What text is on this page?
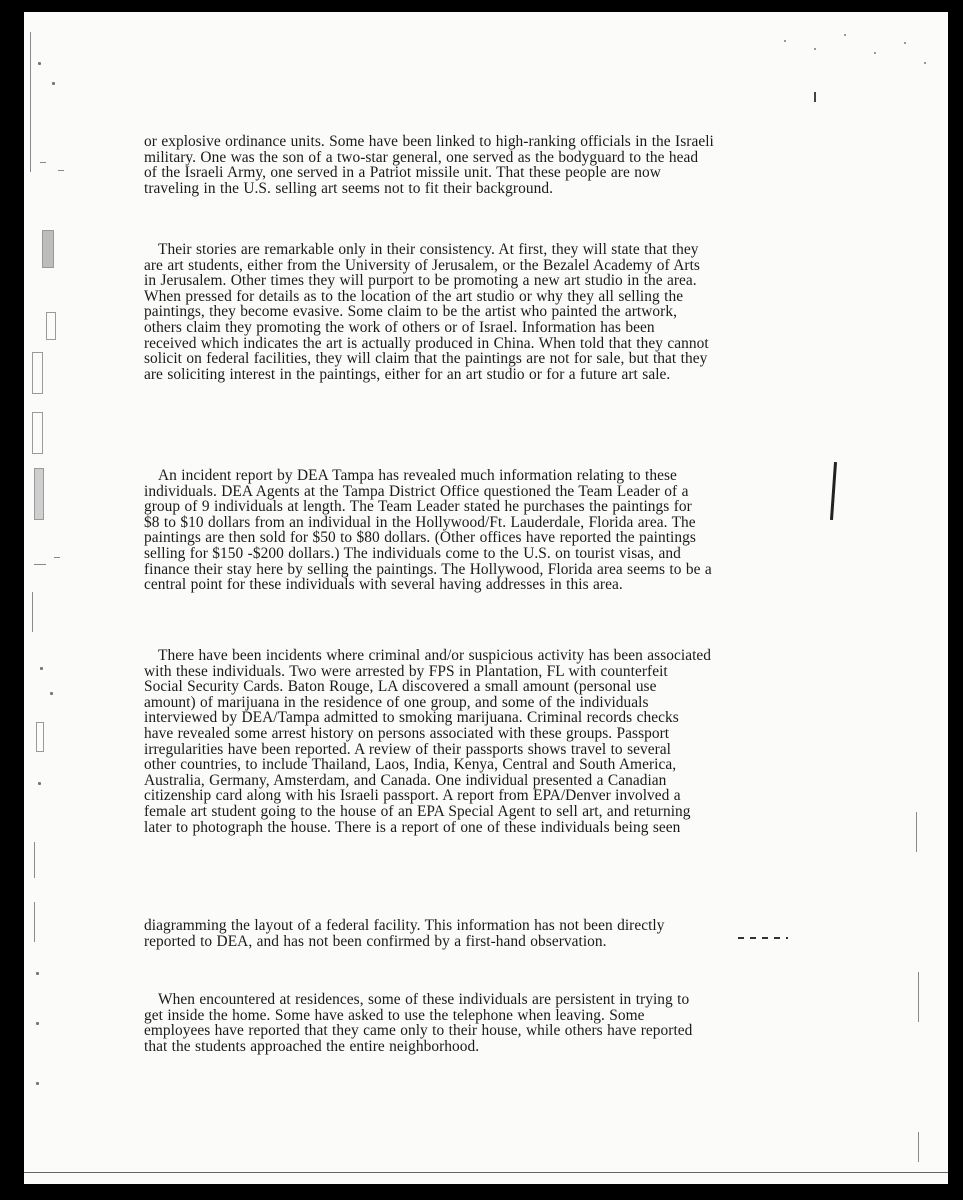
or explosive ordinance units. Some have been linked to high-ranking officials in the Israeli
military. One was the son of a two-star general, one served as the bodyguard to the head
of the Israeli Army, one served in a Patriot missile unit. That these people are now
traveling in the U.S. selling art seems not to fit their background.
Their stories are remarkable only in their consistency. At first, they will state that they
are art students, either from the University of Jerusalem, or the Bezalel Academy of Arts
in Jerusalem. Other times they will purport to be promoting a new art studio in the area.
When pressed for details as to the location of the art studio or why they all selling the
paintings, they become evasive. Some claim to be the artist who painted the artwork,
others claim they promoting the work of others or of Israel. Information has been
received which indicates the art is actually produced in China. When told that they cannot
solicit on federal facilities, they will claim that the paintings are not for sale, but that they
are soliciting interest in the paintings, either for an art studio or for a future art sale.
An incident report by DEA Tampa has revealed much information relating to these
individuals. DEA Agents at the Tampa District Office questioned the Team Leader of a
group of 9 individuals at length. The Team Leader stated he purchases the paintings for
$8 to $10 dollars from an individual in the Hollywood/Ft. Lauderdale, Florida area. The
paintings are then sold for $50 to $80 dollars. (Other offices have reported the paintings
selling for $150 -$200 dollars.) The individuals come to the U.S. on tourist visas, and
finance their stay here by selling the paintings. The Hollywood, Florida area seems to be a
central point for these individuals with several having addresses in this area.
There have been incidents where criminal and/or suspicious activity has been associated
with these individuals. Two were arrested by FPS in Plantation, FL with counterfeit
Social Security Cards. Baton Rouge, LA discovered a small amount (personal use
amount) of marijuana in the residence of one group, and some of the individuals
interviewed by DEA/Tampa admitted to smoking marijuana. Criminal records checks
have revealed some arrest history on persons associated with these groups. Passport
irregularities have been reported. A review of their passports shows travel to several
other countries, to include Thailand, Laos, India, Kenya, Central and South America,
Australia, Germany, Amsterdam, and Canada. One individual presented a Canadian
citizenship card along with his Israeli passport. A report from EPA/Denver involved a
female art student going to the house of an EPA Special Agent to sell art, and returning
later to photograph the house. There is a report of one of these individuals being seen
diagramming the layout of a federal facility. This information has not been directly
reported to DEA, and has not been confirmed by a first-hand observation.
When encountered at residences, some of these individuals are persistent in trying to
get inside the home. Some have asked to use the telephone when leaving. Some
employees have reported that they came only to their house, while others have reported
that the students approached the entire neighborhood.
